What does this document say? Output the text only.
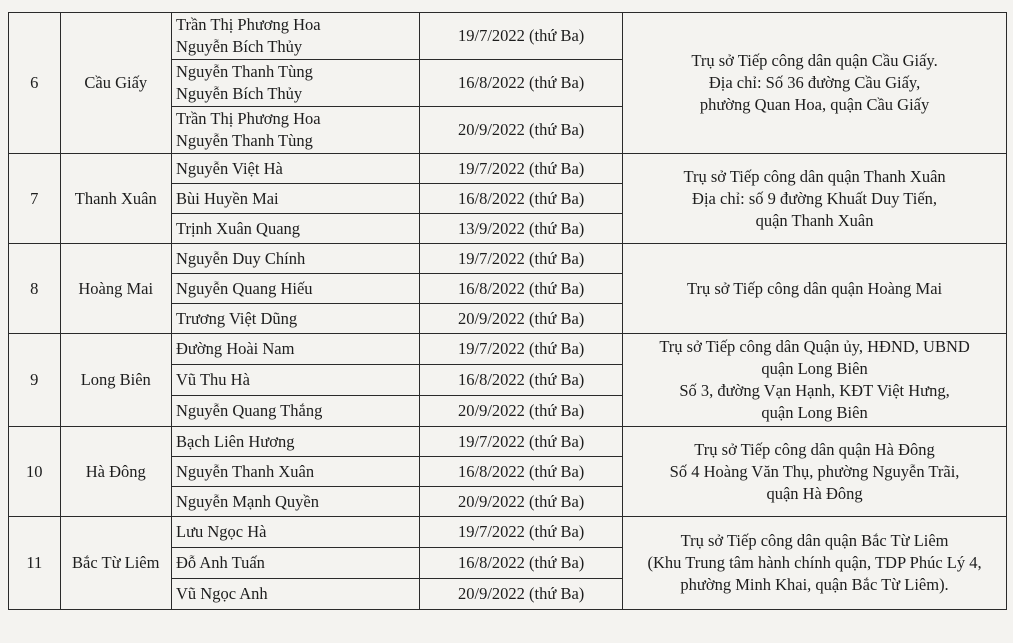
6	Cầu Giấy	Trần Thị Phương Hoa
Nguyễn Bích Thủy	19/7/2022 (thứ Ba)	Trụ sở Tiếp công dân quận Cầu Giấy.
Địa chỉ: Số 36 đường Cầu Giấy,
phường Quan Hoa, quận Cầu Giấy

		Nguyễn Thanh Tùng
Nguyễn Bích Thủy	16/8/2022 (thứ Ba)	

		Trần Thị Phương Hoa
Nguyễn Thanh Tùng	20/9/2022 (thứ Ba)	
7	Thanh Xuân	Nguyễn Việt Hà	19/7/2022 (thứ Ba)	Trụ sở Tiếp công dân quận Thanh Xuân
Địa chỉ: số 9 đường Khuất Duy Tiến,
quận Thanh Xuân

		Bùi Huyền Mai	16/8/2022 (thứ Ba)	

		Trịnh Xuân Quang	13/9/2022 (thứ Ba)	
8	Hoàng Mai	Nguyễn Duy Chính	19/7/2022 (thứ Ba)	Trụ sở Tiếp công dân quận Hoàng Mai

		Nguyễn Quang Hiếu	16/8/2022 (thứ Ba)	

		Trương Việt Dũng	20/9/2022 (thứ Ba)	
9	Long Biên	Đường Hoài Nam	19/7/2022 (thứ Ba)	Trụ sở Tiếp công dân Quận ủy, HĐND, UBND
quận Long Biên
Số 3, đường Vạn Hạnh, KĐT Việt Hưng,
quận Long Biên

		Vũ Thu Hà	16/8/2022 (thứ Ba)	

		Nguyễn Quang Thắng	20/9/2022 (thứ Ba)	
10	Hà Đông	Bạch Liên Hương	19/7/2022 (thứ Ba)	Trụ sở Tiếp công dân quận Hà Đông
Số 4 Hoàng Văn Thụ, phường Nguyễn Trãi,
quận Hà Đông

		Nguyễn Thanh Xuân	16/8/2022 (thứ Ba)	

		Nguyễn Mạnh Quyền	20/9/2022 (thứ Ba)	
11	Bắc Từ Liêm	Lưu Ngọc Hà	19/7/2022 (thứ Ba)	Trụ sở Tiếp công dân quận Bắc Từ Liêm
(Khu Trung tâm hành chính quận, TDP Phúc Lý 4,
phường Minh Khai, quận Bắc Từ Liêm).

		Đỗ Anh Tuấn	16/8/2022 (thứ Ba)	

		Vũ Ngọc Anh	20/9/2022 (thứ Ba)	
